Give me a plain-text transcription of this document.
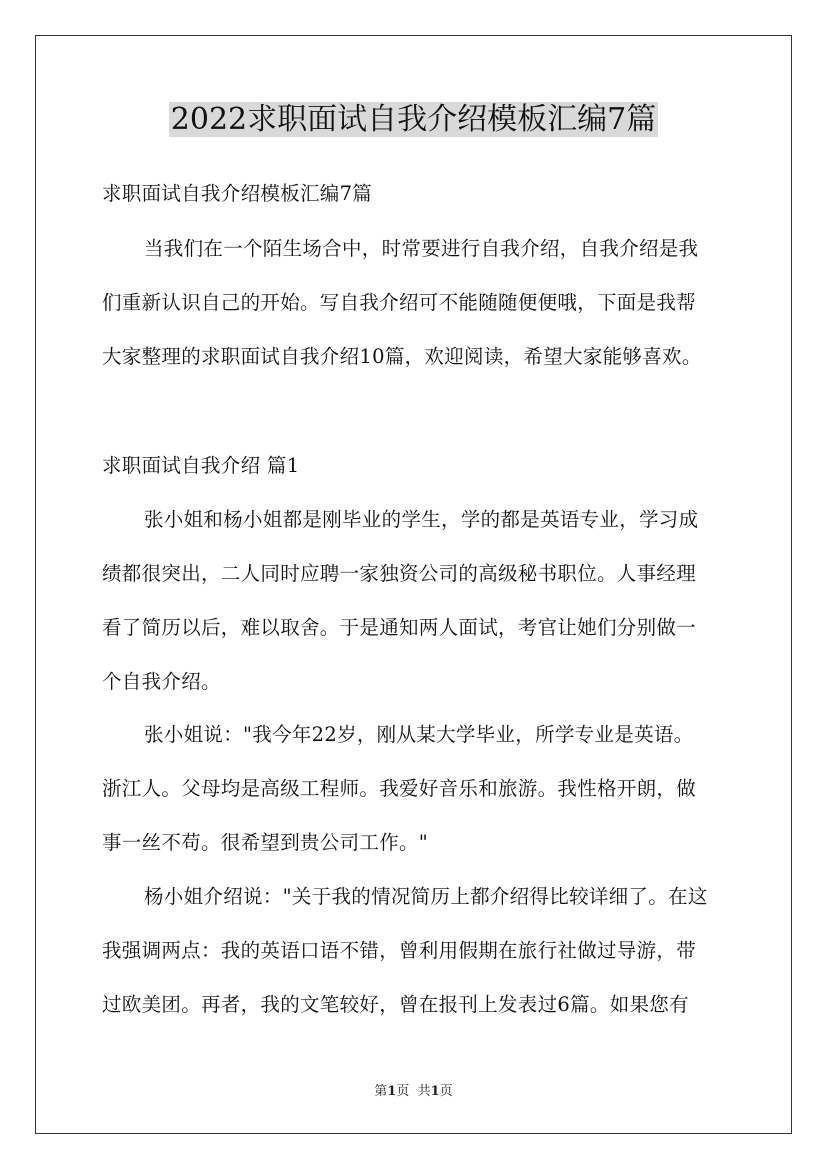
2022求职面试自我介绍模板汇编7篇
求职面试自我介绍模板汇编7篇
当我们在一个陌生场合中，时常要进行自我介绍，自我介绍是我
们重新认识自己的开始。写自我介绍可不能随随便便哦，下面是我帮
大家整理的求职面试自我介绍10篇，欢迎阅读，希望大家能够喜欢。
求职面试自我介绍 篇1
张小姐和杨小姐都是刚毕业的学生，学的都是英语专业，学习成
绩都很突出，二人同时应聘一家独资公司的高级秘书职位。人事经理
看了简历以后，难以取舍。于是通知两人面试，考官让她们分别做一
个自我介绍。
张小姐说："我今年22岁，刚从某大学毕业，所学专业是英语。
浙江人。父母均是高级工程师。我爱好音乐和旅游。我性格开朗，做
事一丝不苟。很希望到贵公司工作。"
杨小姐介绍说："关于我的情况简历上都介绍得比较详细了。在这
我强调两点：我的英语口语不错，曾利用假期在旅行社做过导游，带
过欧美团。再者，我的文笔较好，曾在报刊上发表过6篇。如果您有
第1页 共1页
